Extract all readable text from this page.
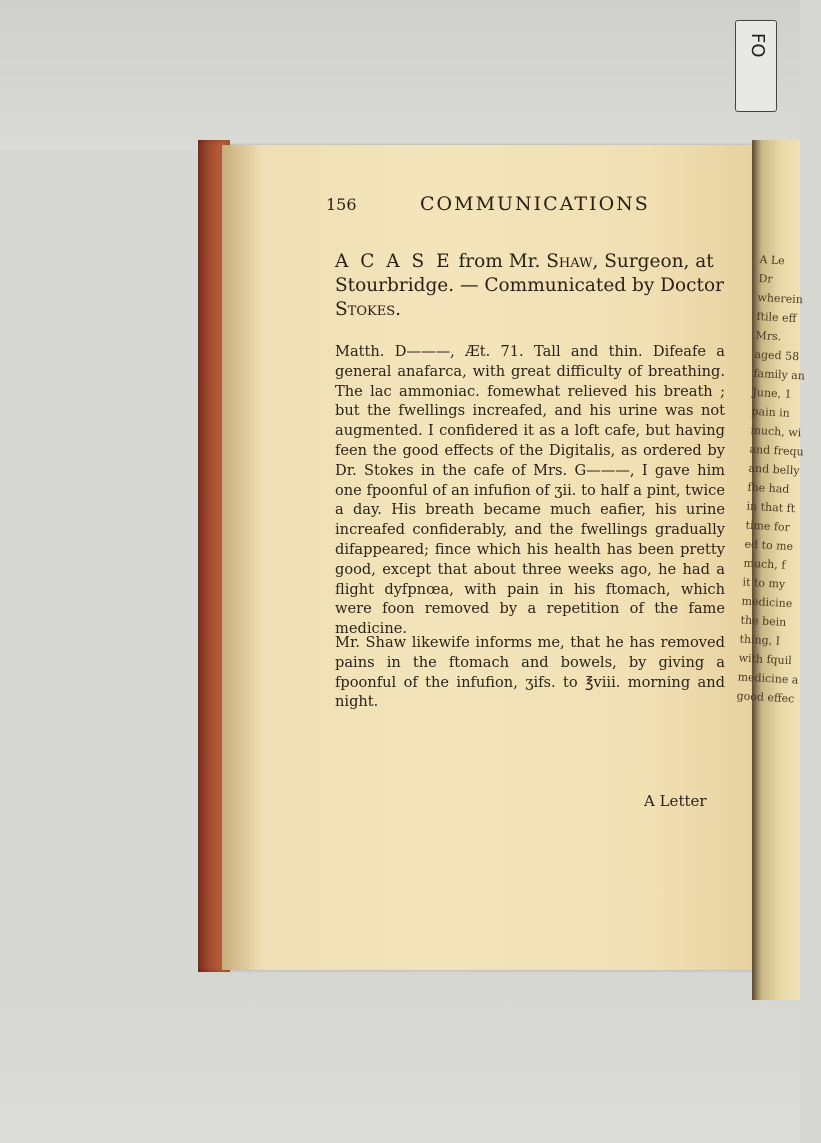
FO
156	COMMUNICATIONS
A C A S E from Mr. Shaw, Surgeon, at Stourbridge. — Communicated by Doctor Stokes.

Matth. D———, Æt. 71. Tall and thin. Difeafe a general anafarca, with great difficulty of breathing. The lac ammoniac. fomewhat relieved his breath ; but the fwellings increafed, and his urine was not augmented. I confidered it as a loft cafe, but having feen the good effects of the Digitalis, as ordered by Dr. Stokes in the cafe of Mrs. G———, I gave him one fpoonful of an infufion of ʒii. to half a pint, twice a day. His breath became much eafier, his urine increafed confiderably, and the fwellings gradually difappeared; fince which his health has been pretty good, except that about three weeks ago, he had a flight dyfpnœa, with pain in his ftomach, which were foon removed by a repetition of the fame medicine.

Mr. Shaw likewife informs me, that he has removed pains in the ftomach and bowels, by giving a fpoonful of the infufion, ʒifs. to ℥viii. morning and night.

A Letter
A Le
Dr
wherein
ftile eff
Mrs.
aged 58
family an
June, 1
pain in
much, wi
and frequ
and belly
fhe had
in that ft
time for
ed to me
much, f
it to my
medicine
the bein
thing, I
with fquil
medicine a
good effec
